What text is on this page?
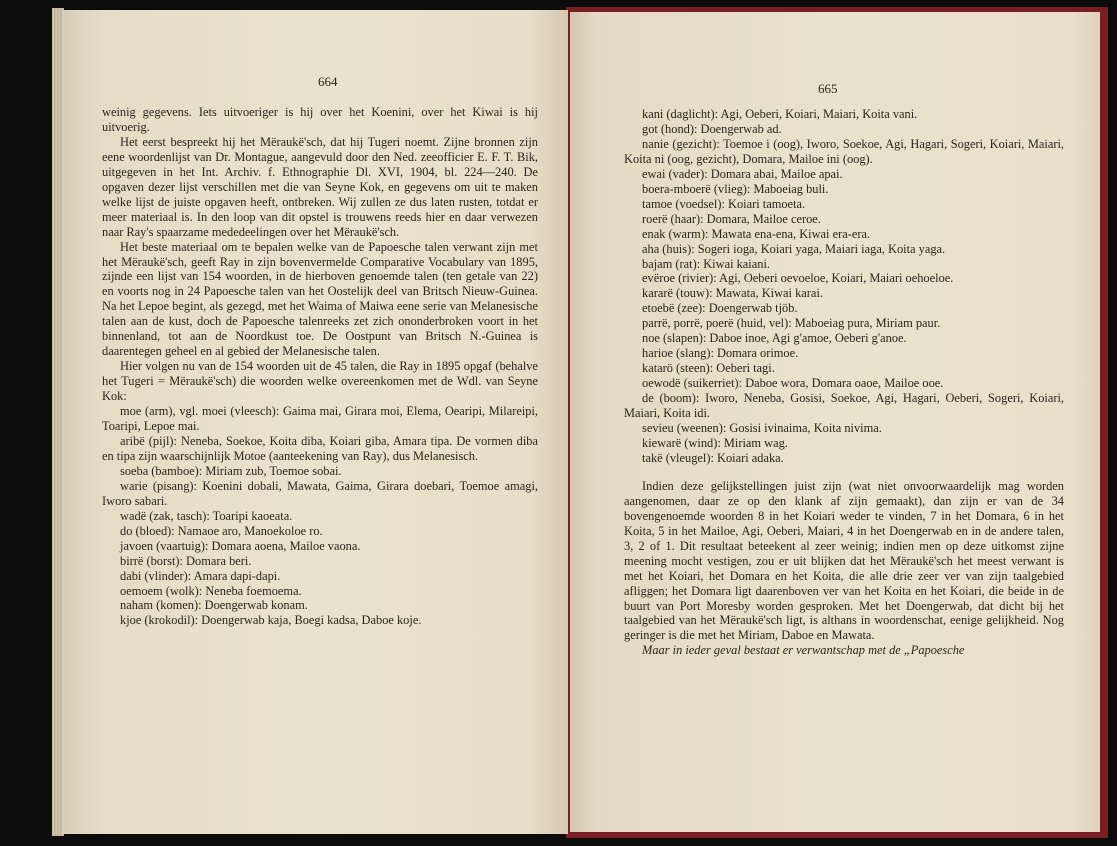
664

weinig gegevens. Iets uitvoeriger is hij over het Koenini, over het Kiwai is hij uitvoerig.

Het eerst bespreekt hij het Mëraukë'sch, dat hij Tugeri noemt. Zijne bronnen zijn eene woordenlijst van Dr. Montague, aangevuld door den Ned. zeeofficier E. F. T. Bik, uitgegeven in het Int. Archiv. f. Ethnographie Dl. XVI, 1904, bl. 224—240. De opgaven dezer lijst verschillen met die van Seyne Kok, en gegevens om uit te maken welke lijst de juiste opgaven heeft, ontbreken. Wij zullen ze dus laten rusten, totdat er meer materiaal is. In den loop van dit opstel is trouwens reeds hier en daar verwezen naar Ray's spaarzame mededeelingen over het Mëraukë'sch.

Het beste materiaal om te bepalen welke van de Papoesche talen verwant zijn met het Mëraukë'sch, geeft Ray in zijn bovenvermelde Comparative Vocabulary van 1895, zijnde een lijst van 154 woorden, in de hierboven genoemde talen (ten getale van 22) en voorts nog in 24 Papoesche talen van het Oostelijk deel van Britsch Nieuw-Guinea. Na het Lepoe begint, als gezegd, met het Waima of Maiwa eene serie van Melanesische talen aan de kust, doch de Papoesche talenreeks zet zich ononderbroken voort in het binnenland, tot aan de Noordkust toe. De Oostpunt van Britsch N.-Guinea is daarentegen geheel en al gebied der Melanesische talen.

Hier volgen nu van de 154 woorden uit de 45 talen, die Ray in 1895 opgaf (behalve het Tugeri = Mëraukë'sch) die woorden welke overeenkomen met de Wdl. van Seyne Kok:

moe (arm), vgl. moei (vleesch): Gaima mai, Girara moi, Elema, Oearipi, Milareipi, Toaripi, Lepoe mai.

aribë (pijl): Neneba, Soekoe, Koita diba, Koiari giba, Amara tipa. De vormen diba en tipa zijn waarschijnlijk Motoe (aanteekening van Ray), dus Melanesisch.

soeba (bamboe): Miriam zub, Toemoe sobai.

warie (pisang): Koenini dobali, Mawata, Gaima, Girara doebari, Toemoe amagi, Iworo sabari.

wadë (zak, tasch): Toaripi kaoeata.

do (bloed): Namaoe aro, Manoekoloe ro.

javoen (vaartuig): Domara aoena, Mailoe vaona.

birrë (borst): Domara beri.

dabi (vlinder): Amara dapi-dapi.

oemoem (wolk): Neneba foemoema.

naham (komen): Doengerwab konam.

kjoe (krokodil): Doengerwab kaja, Boegi kadsa, Daboe koje.

665

kani (daglicht): Agi, Oeberi, Koiari, Maiari, Koita vani.

got (hond): Doengerwab ad.

nanie (gezicht): Toemoe i (oog), Iworo, Soekoe, Agi, Hagari, Sogeri, Koiari, Maiari, Koita ni (oog, gezicht), Domara, Mailoe ini (oog).

ewai (vader): Domara abai, Mailoe apai.

boera-mboerë (vlieg): Maboeiag buli.

tamoe (voedsel): Koiari tamoeta.

roerë (haar): Domara, Mailoe ceroe.

enak (warm): Mawata ena-ena, Kiwai era-era.

aha (huis): Sogeri ioga, Koiari yaga, Maiari iaga, Koita yaga.

bajam (rat): Kiwai kaiani.

evëroe (rivier): Agi, Oeberi oevoeloe, Koiari, Maiari oehoeloe.

kararë (touw): Mawata, Kiwai karai.

etoebë (zee): Doengerwab tjöb.

parrë, porrë, poerë (huid, vel): Maboeiag pura, Miriam paur.

noe (slapen): Daboe inoe, Agi g'amoe, Oeberi g'anoe.

harioe (slang): Domara orimoe.

katarö (steen): Oeberi tagi.

oewodë (suikerriet): Daboe wora, Domara oaoe, Mailoe ooe.

de (boom): Iworo, Neneba, Gosisi, Soekoe, Agi, Hagari, Oeberi, Sogeri, Koiari, Maiari, Koita idi.

sevieu (weenen): Gosisi ivinaima, Koita nivima.

kiewarë (wind): Miriam wag.

takë (vleugel): Koiari adaka.

Indien deze gelijkstellingen juist zijn (wat niet onvoorwaardelijk mag worden aangenomen, daar ze op den klank af zijn gemaakt), dan zijn er van de 34 bovengenoemde woorden 8 in het Koiari weder te vinden, 7 in het Domara, 6 in het Koita, 5 in het Mailoe, Agi, Oeberi, Maiari, 4 in het Doengerwab en in de andere talen, 3, 2 of 1. Dit resultaat beteekent al zeer weinig; indien men op deze uitkomst zijne meening mocht vestigen, zou er uit blijken dat het Mëraukë'sch het meest verwant is met het Koiari, het Domara en het Koita, die alle drie zeer ver van zijn taalgebied afliggen; het Domara ligt daarenboven ver van het Koita en het Koiari, die beide in de buurt van Port Moresby worden gesproken. Met het Doengerwab, dat dicht bij het taalgebied van het Mëraukë'sch ligt, is althans in woordenschat, eenige gelijkheid. Nog geringer is die met het Miriam, Daboe en Mawata.

Maar in ieder geval bestaat er verwantschap met de „Papoesche
